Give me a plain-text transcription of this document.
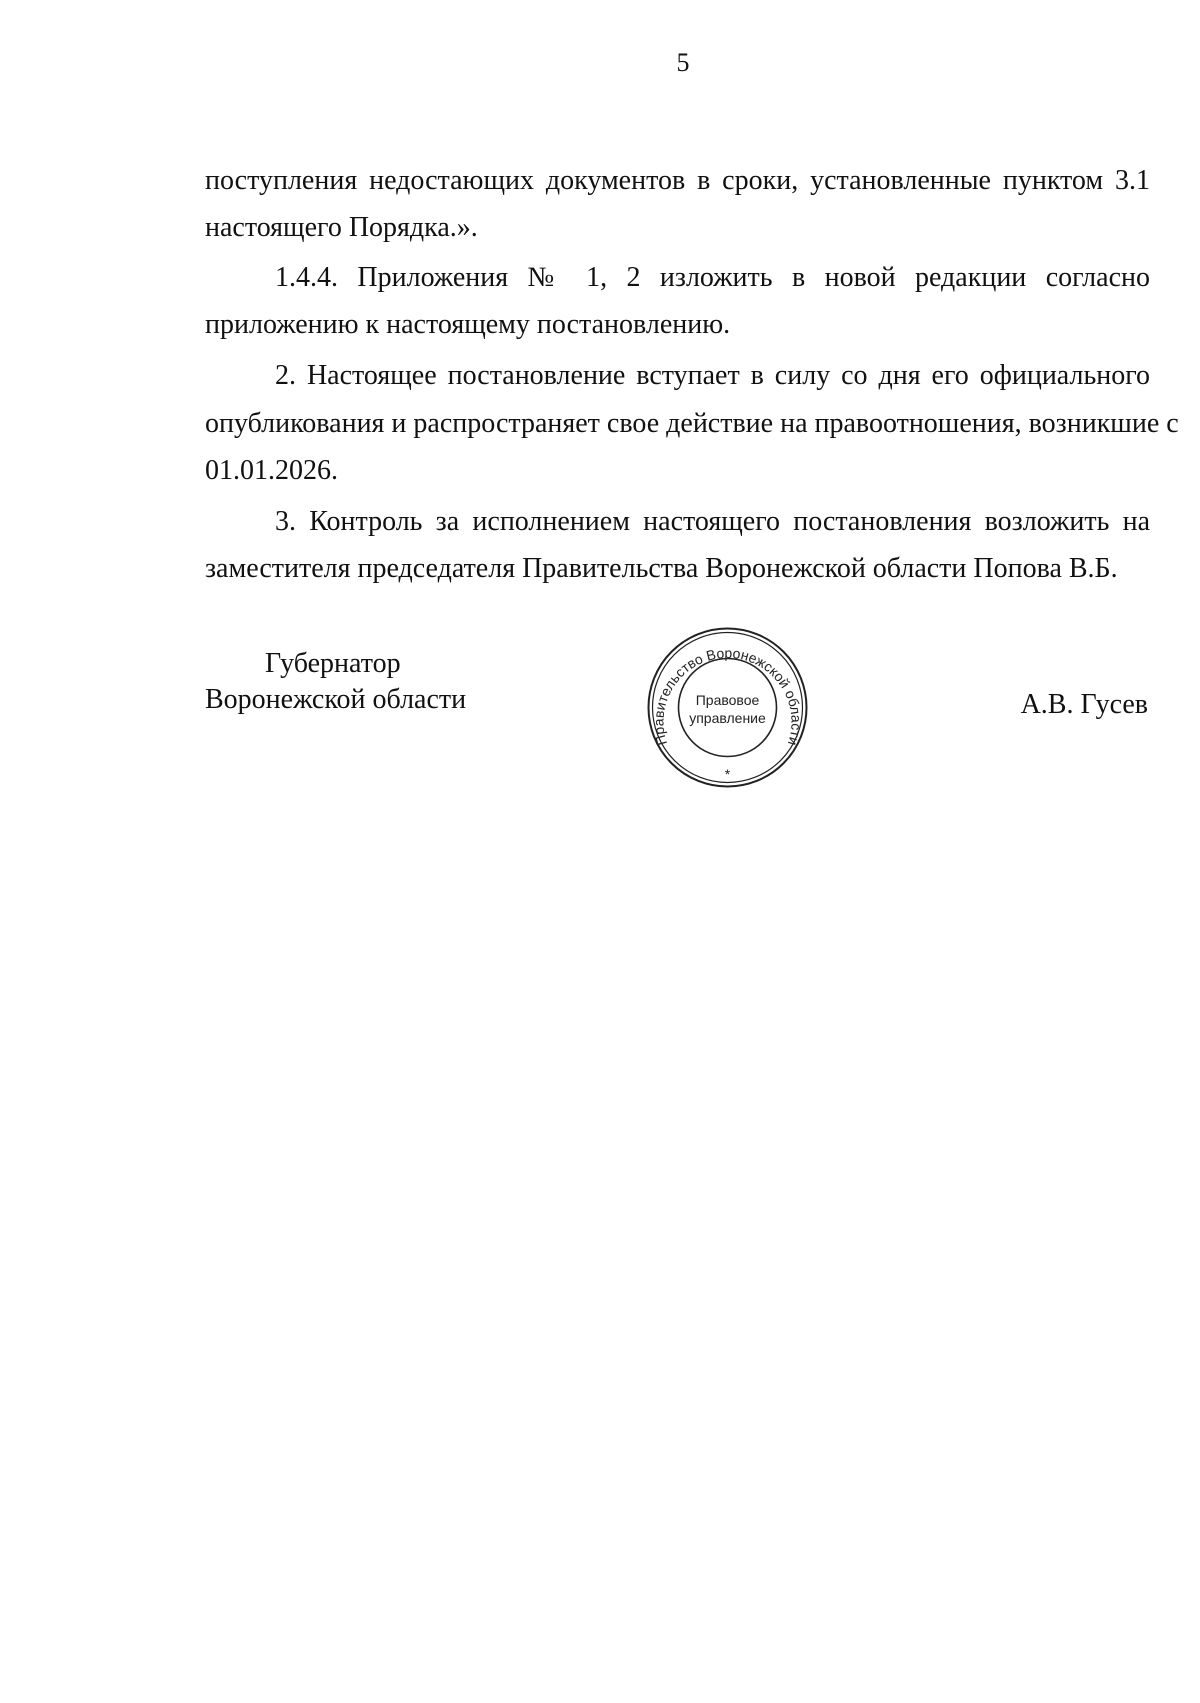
5
поступления недостающих документов в сроки, установленные пунктом 3.1
настоящего Порядка.».
1.4.4. Приложения № 1, 2 изложить в новой редакции согласно
приложению к настоящему постановлению.
2. Настоящее постановление вступает в силу со дня его официального
опубликования и распространяет свое действие на правоотношения, возникшие с
01.01.2026.
3. Контроль за исполнением настоящего постановления возложить на
заместителя председателя Правительства Воронежской области Попова В.Б.
Губернатор
Воронежской области
Правительство Воронежской области
Правовое
управление
*
А.В. Гусев
